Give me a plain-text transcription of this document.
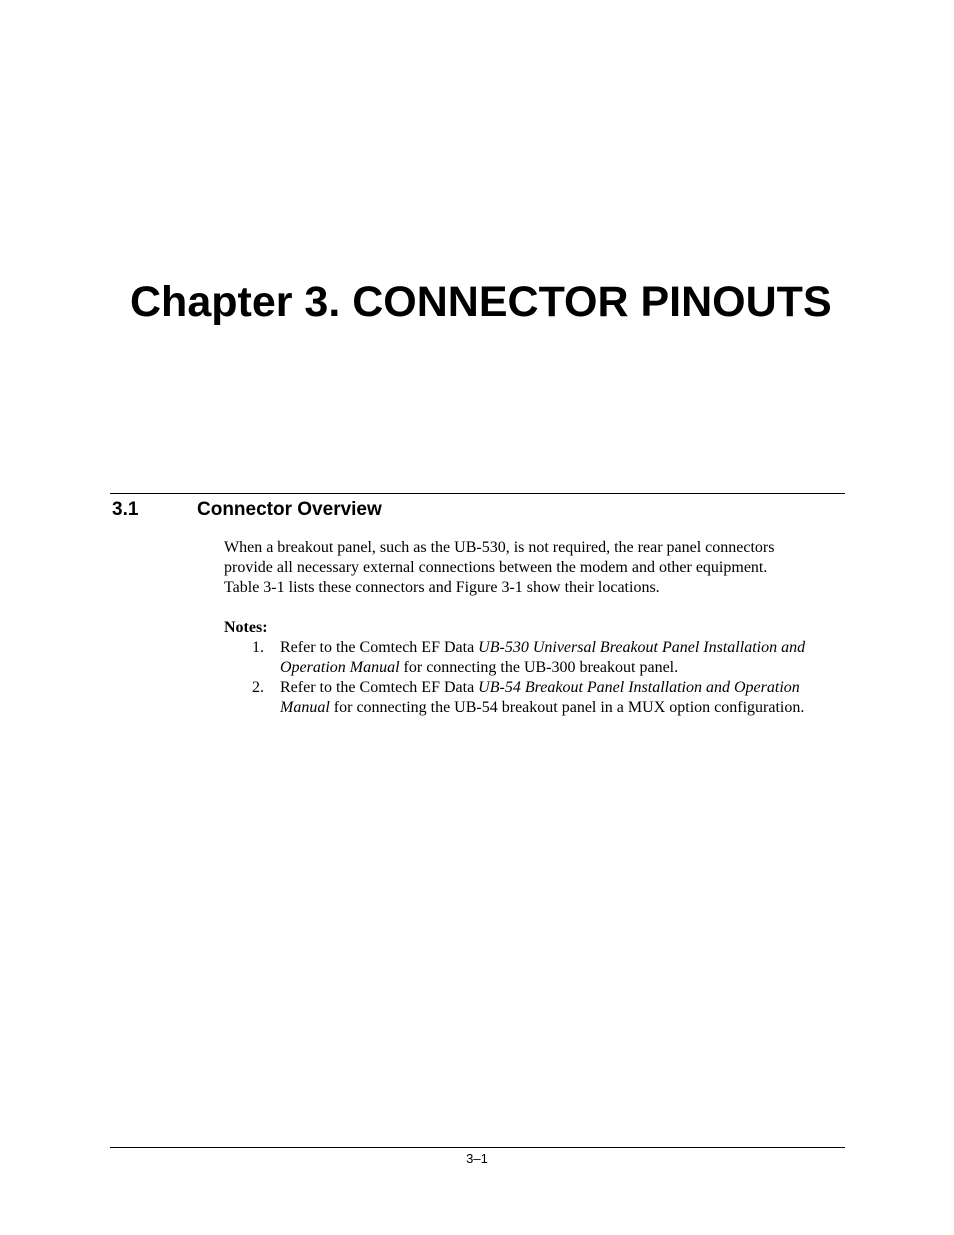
Chapter 3. CONNECTOR PINOUTS
3.1	Connector Overview

When a breakout panel, such as the UB-530, is not required, the rear panel connectors
provide all necessary external connections between the modem and other equipment.
Table 3-1 lists these connectors and Figure 3-1 show their locations.

Notes:

1. Refer to the Comtech EF Data UB-530 Universal Breakout Panel Installation and Operation Manual for connecting the UB-300 breakout panel.
2. Refer to the Comtech EF Data UB-54 Breakout Panel Installation and Operation Manual for connecting the UB-54 breakout panel in a MUX option configuration.
3–1
